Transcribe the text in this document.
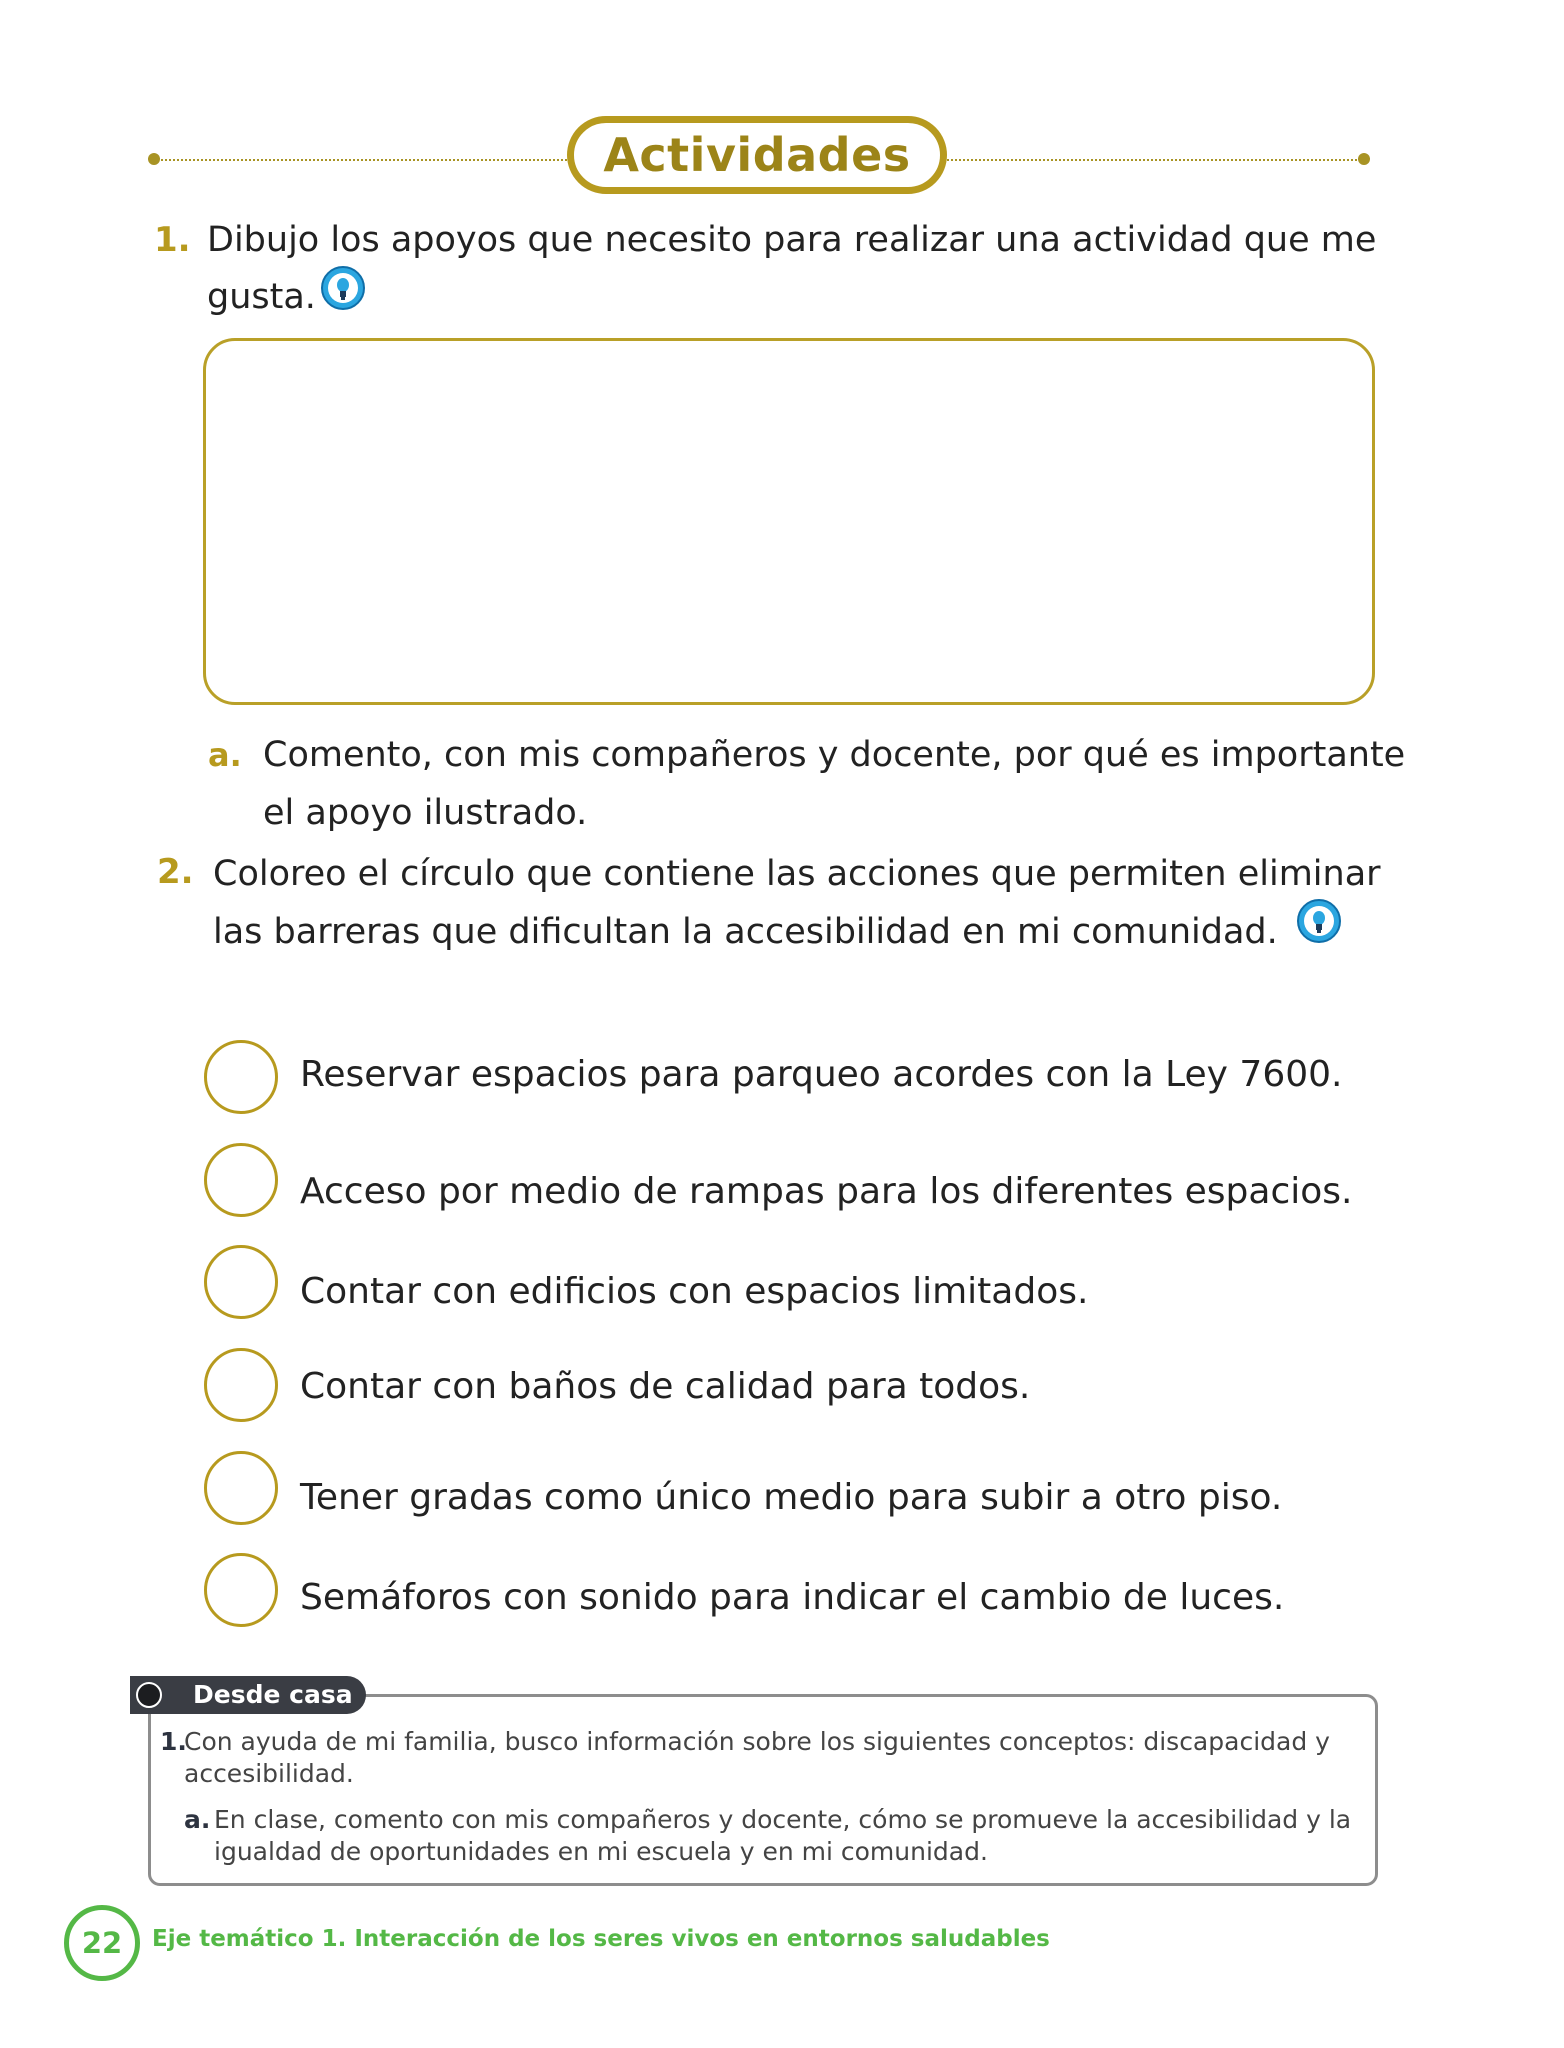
Actividades
1. Dibujo los apoyos que necesito para realizar una actividad que me
gusta.
a. Comento, con mis compañeros y docente, por qué es importante
el apoyo ilustrado.
2. Coloreo el círculo que contiene las acciones que permiten eliminar
las barreras que dificultan la accesibilidad en mi comunidad.
Reservar espacios para parqueo acordes con la Ley 7600.
Acceso por medio de rampas para los diferentes espacios.
Contar con edificios con espacios limitados.
Contar con baños de calidad para todos.
Tener gradas como único medio para subir a otro piso.
Semáforos con sonido para indicar el cambio de luces.
Desde casa
1.
Con ayuda de mi familia, busco información sobre los siguientes conceptos: discapacidad y
accesibilidad.
a. En clase, comento con mis compañeros y docente, cómo se promueve la accesibilidad y la
igualdad de oportunidades en mi escuela y en mi comunidad.
22 Eje temático 1. Interacción de los seres vivos en entornos saludables
